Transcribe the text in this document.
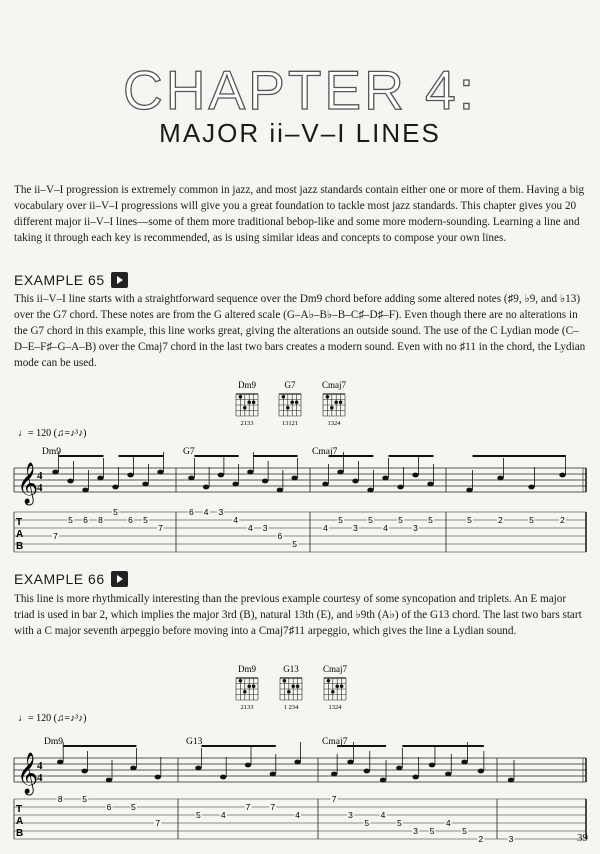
CHAPTER 4:
MAJOR ii–V–I LINES

The ii–V–I progression is extremely common in jazz, and most jazz standards contain either one or more of them. Having a big vocabulary over ii–V–I progressions will give you a great foundation to tackle most jazz standards. This chapter gives you 20 different major ii–V–I lines—some of them more traditional bebop-like and some more modern-sounding. Learning a line and taking it through each key is recommended, as is using similar ideas and concepts to compose your own lines.

EXAMPLE 65

This ii–V–I line starts with a straightforward sequence over the Dm9 chord before adding some altered notes (♯9, ♭9, and ♭13) over the G7 chord. These notes are from the G altered scale (G–A♭–B♭–B–C♯–D♯–F). Even though there are no alterations in the G7 chord in this example, this line works great, giving the alterations an outside sound. The use of the C Lydian mode (C–D–E–F♯–G–A–B) over the Cmaj7 chord in the last two bars creates a modern sound. Even with no ♯11 in the chord, the Lydian mode can be used.

Dm9
2133
G7
13121
Cmaj7
1324
♩= 120 (♫=♪³♪)
𝄞
4
4
Dm9	G7	Cmaj7
T
A
B
7
5 6 8
5
6 5
7
6 4 3
4
4 3
6
5
4
5
3
5
4
5
3
5	5	2	5	2
EXAMPLE 66

This line is more rhythmically interesting than the previous example courtesy of some syncopation and triplets. An E major triad is used in bar 2, which implies the major 3rd (B), natural 13th (E), and ♭9th (A♭) of the G13 chord. The last two bars start with a C major seventh arpeggio before moving into a Cmaj7♯11 arpeggio, which gives the line a Lydian sound.

Dm9
2133
G13
1 234
Cmaj7
1324
♩= 120 (♫=♪³♪)
𝄞
4
4
Dm9	G13	Cmaj7
T
A
B
8 5
6 5
7
5 4
7 7
4
7
3
5
4
5
3 5
4
5
2	3	39
